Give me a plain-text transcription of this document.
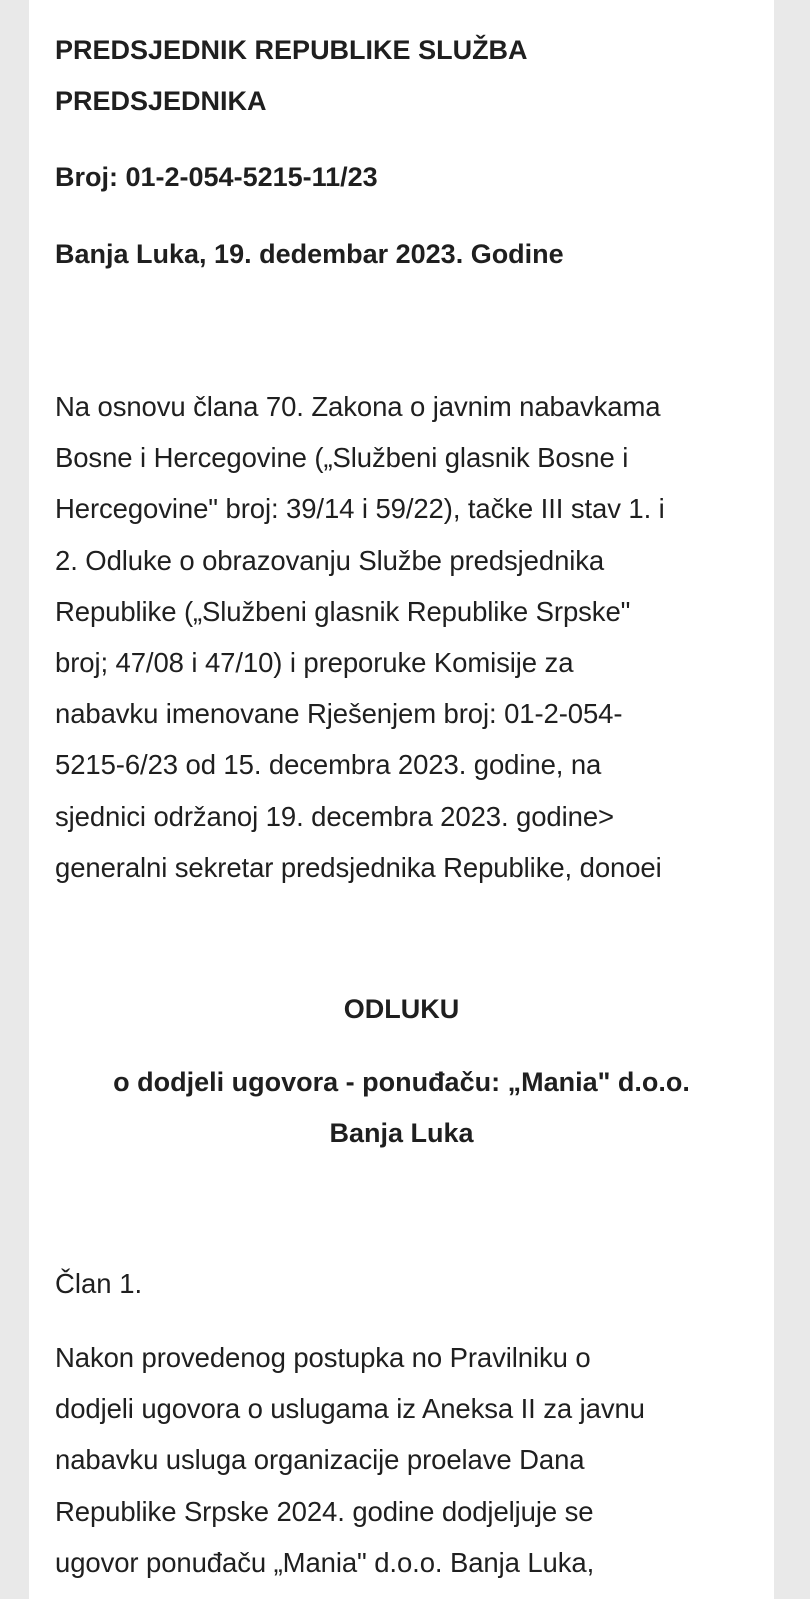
PREDSJEDNIK REPUBLIKE SLUŽBA

PREDSJEDNIKA

Broj: 01-2-054-5215-11/23

Banja Luka, 19. dedembar 2023. Godine

Na osnovu člana 70. Zakona o javnim nabavkama

Bosne i Hercegovine („Službeni glasnik Bosne i

Hercegovine" broj: 39/14 i 59/22), tačke III stav 1. i

2. Odluke o obrazovanju Službe predsjednika

Republike („Službeni glasnik Republike Srpske"

broj; 47/08 i 47/10) i preporuke Komisije za

nabavku imenovane Rješenjem broj: 01-2-054-

5215-6/23 od 15. decembra 2023. godine, na

sjednici održanoj 19. decembra 2023. godine>

generalni sekretar predsjednika Republike, donoei

ODLUKU

o dodjeli ugovora - ponuđaču: „Mania" d.o.o.
Banja Luka

Član 1.

Nakon provedenog postupka no Pravilniku o

dodjeli ugovora o uslugama iz Aneksa II za javnu

nabavku usluga organizacije proelave Dana

Republike Srpske 2024. godine dodjeljuje se

ugovor ponuđaču „Mania" d.o.o. Banja Luka,
